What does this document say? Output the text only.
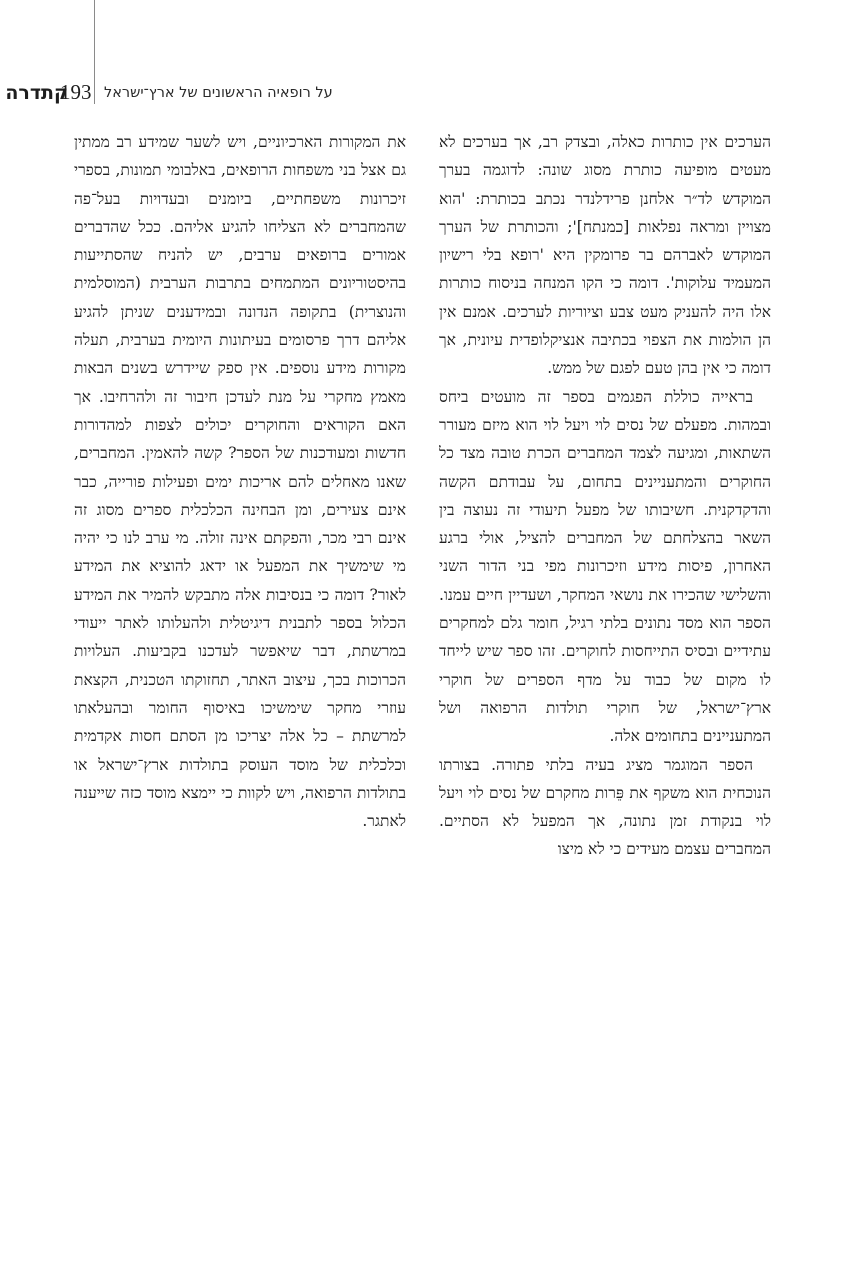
קתדרה
193 על רופאיה הראשונים של ארץ־ישראל

הערכים אין כותרות כאלה, ובצדק רב, אך בערכים לא מעטים מופיעה כותרת מסוג שונה: לדוגמה בערך המוקדש לד״ר אלחנן פרידלנדר נכתב בכותרת: 'הוא מצויין ומראה נפלאות [כמנתח]'; והכותרת של הערך המוקדש לאברהם בר פרומקין היא 'רופא בלי רישיון המעמיד עלוקות'. דומה כי הקו המנחה בניסוח כותרות אלו היה להעניק מעט צבע וציוריות לערכים. אמנם אין הן הולמות את הצפוי בכתיבה אנציקלופדית עיונית, אך דומה כי אין בהן טעם לפגם של ממש.

בראייה כוללת הפגמים בספר זה מועטים ביחס ובמהות. מפעלם של נסים לוי ויעל לוי הוא מיזם מעורר השתאות, ומגיעה לצמד המחברים הכרת טובה מצד כל החוקרים והמתעניינים בתחום, על עבודתם הקשה והדקדקנית. חשיבותו של מפעל תיעודי זה נעוצה בין השאר בהצלחתם של המחברים להציל, אולי ברגע האחרון, פיסות מידע וזיכרונות מפי בני הדור השני והשלישי שהכירו את נושאי המחקר, ושעדיין חיים עמנו. הספר הוא מסד נתונים בלתי רגיל, חומר גלם למחקרים עתידיים ובסיס התייחסות לחוקרים. זהו ספר שיש לייחד לו מקום של כבוד על מדף הספרים של חוקרי ארץ־ישראל, של חוקרי תולדות הרפואה ושל המתעניינים בתחומים אלה.

הספר המוגמר מציג בעיה בלתי פתורה. בצורתו הנוכחית הוא משקף את פֵּרות מחקרם של נסים לוי ויעל לוי בנקודת זמן נתונה, אך המפעל לא הסתיים. המחברים עצמם מעידים כי לא מיצו

את המקורות הארכיוניים, ויש לשער שמידע רב ממתין גם אצל בני משפחות הרופאים, באלבומי תמונות, בספרי זיכרונות משפחתיים, ביומנים ובעדויות בעל־פה שהמחברים לא הצליחו להגיע אליהם. ככל שהדברים אמורים ברופאים ערבים, יש להניח שהסתייעות בהיסטוריונים המתמחים בתרבות הערבית (המוסלמית והנוצרית) בתקופה הנדונה ובמידענים שניתן להגיע אליהם דרך פרסומים בעיתונות היומית בערבית, תעלה מקורות מידע נוספים. אין ספק שיידרש בשנים הבאות מאמץ מחקרי על מנת לעדכן חיבור זה ולהרחיבו. אך האם הקוראים והחוקרים יכולים לצפות למהדורות חדשות ומעודכנות של הספר? קשה להאמין. המחברים, שאנו מאחלים להם אריכות ימים ופעילות פורייה, כבר אינם צעירים, ומן הבחינה הכלכלית ספרים מסוג זה אינם רבי מכר, והפקתם אינה זולה. מי ערב לנו כי יהיה מי שימשיך את המפעל או ידאג להוציא את המידע לאור? דומה כי בנסיבות אלה מתבקש להמיר את המידע הכלול בספר לתבנית דיגיטלית ולהעלותו לאתר ייעודי במרשתת, דבר שיאפשר לעדכנו בקביעות. העלויות הכרוכות בכך, עיצוב האתר, תחזוקתו הטכנית, הקצאת עוזרי מחקר שימשיכו באיסוף החומר ובהעלאתו למרשתת – כל אלה יצריכו מן הסתם חסות אקדמית וכלכלית של מוסד העוסק בתולדות ארץ־ישראל או בתולדות הרפואה, ויש לקוות כי יימצא מוסד כזה שייענה לאתגר.
